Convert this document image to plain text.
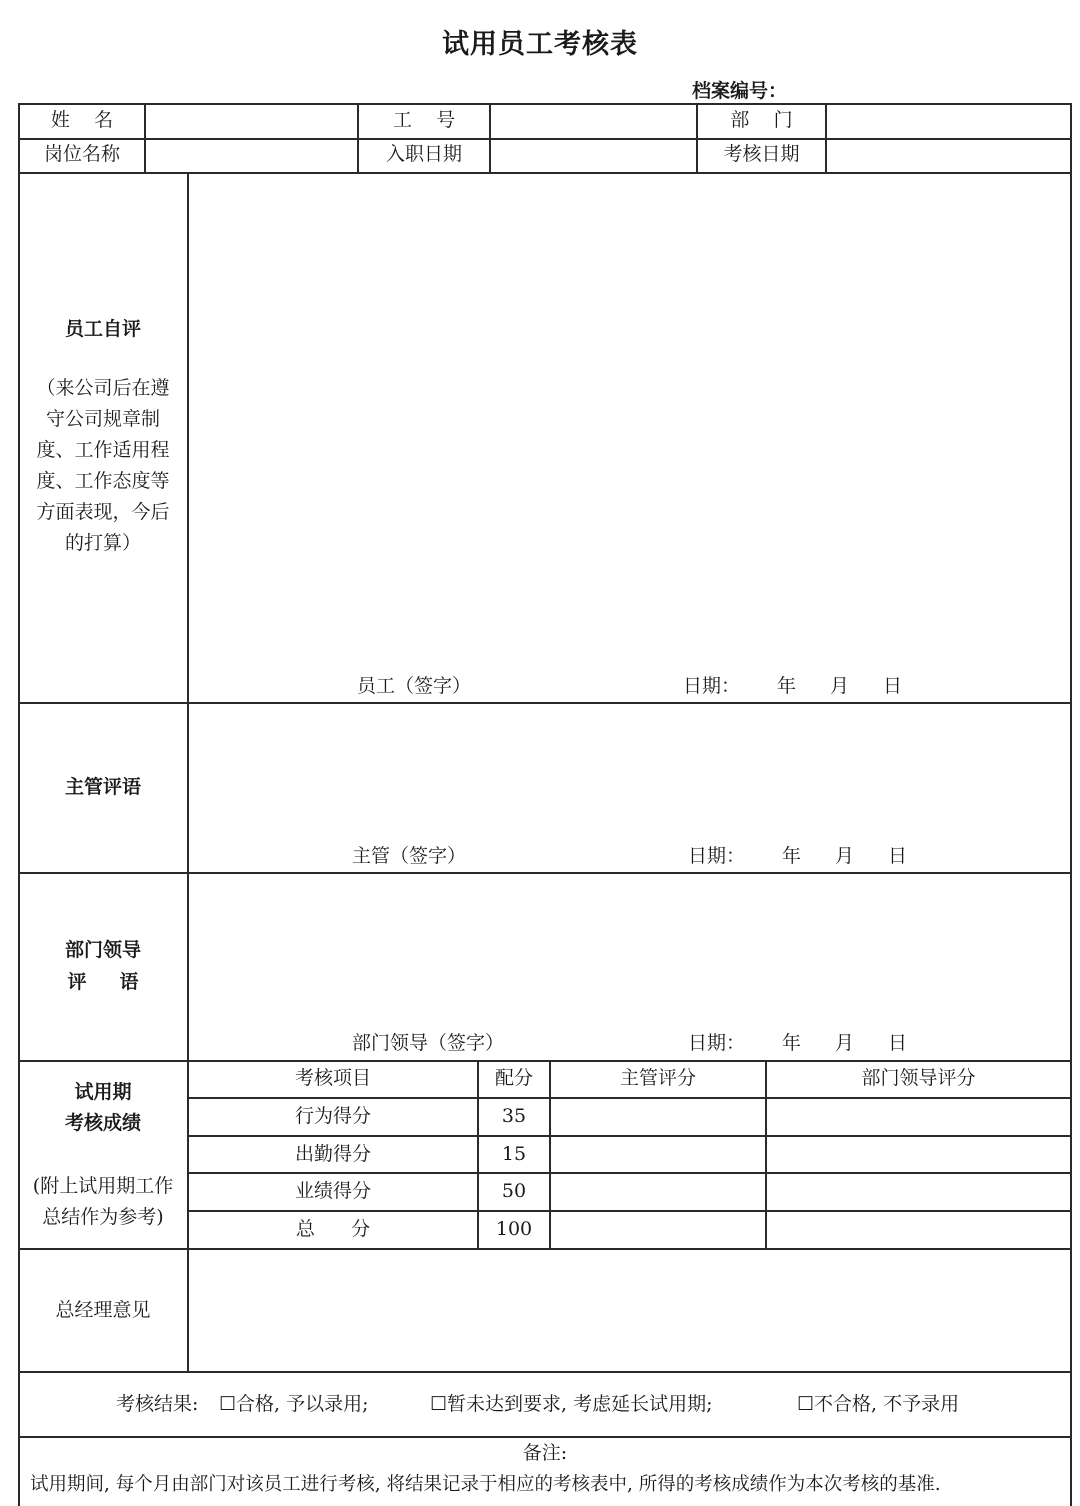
试用员工考核表
档案编号：
姓    名	工    号	部    门
岗位名称	入职日期	考核日期
员工自评
（来公司后在遵
守公司规章制
度、工作适用程
度、工作态度等
方面表现，今后
的打算）
员工（签字）	日期： 年 月 日
主管评语
主管（签字）	日期： 年 月 日
部门领导
评     语
部门领导（签字）	日期： 年 月 日
试用期
考核成绩
(附上试用期工作
总结作为参考)
考核项目	配分	主管评分	部门领导评分
行为得分	35
出勤得分	15
业绩得分	50
总      分	100
总经理意见
考核结果: ☐合格, 予以录用;	☐暂未达到要求, 考虑延长试用期;	☐不合格, 不予录用
备注:
试用期间, 每个月由部门对该员工进行考核, 将结果记录于相应的考核表中, 所得的考核成绩作为本次考核的基准.
